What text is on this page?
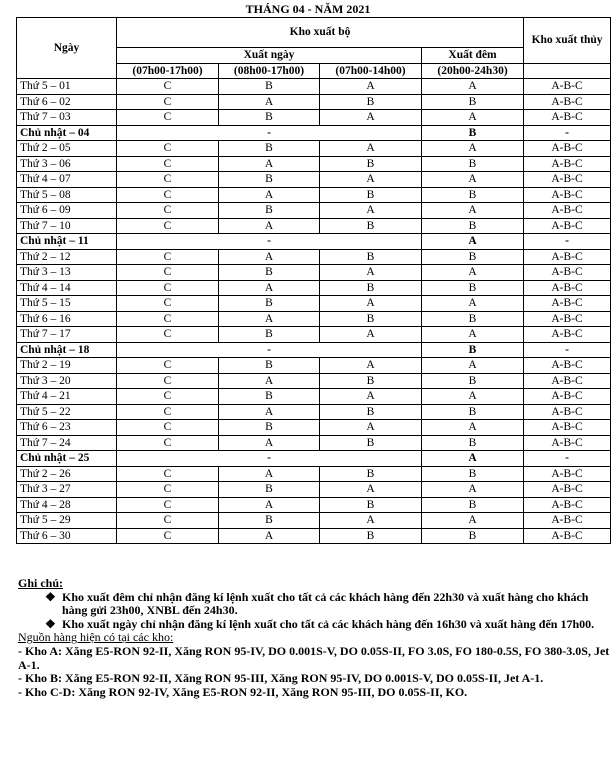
THÁNG 04 - NĂM 2021
Ngày	Kho xuất bộ				Kho xuất thủy
	Xuất ngày			Xuất đêm	
	(07h00-17h00)	(08h00-17h00)	(07h00-14h00)	(20h00-24h30)	
Thứ 5 – 01	C	B	A	A	A-B-C
Thứ 6 – 02	C	A	B	B	A-B-C
Thứ 7 – 03	C	B	A	A	A-B-C
Chủ nhật – 04	-			B	-
Thứ 2 – 05	C	B	A	A	A-B-C
Thứ 3 – 06	C	A	B	B	A-B-C
Thứ 4 – 07	C	B	A	A	A-B-C
Thứ 5 – 08	C	A	B	B	A-B-C
Thứ 6 – 09	C	B	A	A	A-B-C
Thứ 7 – 10	C	A	B	B	A-B-C
Chủ nhật – 11	-			A	-
Thứ 2 – 12	C	A	B	B	A-B-C
Thứ 3 – 13	C	B	A	A	A-B-C
Thứ 4 – 14	C	A	B	B	A-B-C
Thứ 5 – 15	C	B	A	A	A-B-C
Thứ 6 – 16	C	A	B	B	A-B-C
Thứ 7 – 17	C	B	A	A	A-B-C
Chủ nhật – 18	-			B	-
Thứ 2 – 19	C	B	A	A	A-B-C
Thứ 3 – 20	C	A	B	B	A-B-C
Thứ 4 – 21	C	B	A	A	A-B-C
Thứ 5 – 22	C	A	B	B	A-B-C
Thứ 6 – 23	C	B	A	A	A-B-C
Thứ 7 – 24	C	A	B	B	A-B-C
Chủ nhật – 25	-			A	-
Thứ 2 – 26	C	A	B	B	A-B-C
Thứ 3 – 27	C	B	A	A	A-B-C
Thứ 4 – 28	C	A	B	B	A-B-C
Thứ 5 – 29	C	B	A	A	A-B-C
Thứ 6 – 30	C	A	B	B	A-B-C
Ghi chú:
❖ Kho xuất đêm chỉ nhận đăng kí lệnh xuất cho tất cả các khách hàng đến 22h30 và xuất hàng cho khách hàng gửi 23h00, XNBL đến 24h30.
❖ Kho xuất ngày chỉ nhận đăng kí lệnh xuất cho tất cả các khách hàng đến 16h30 và xuất hàng đến 17h00.
Nguồn hàng hiện có tại các kho:
- Kho A: Xăng E5-RON 92-II, Xăng RON 95-IV, DO 0.001S-V, DO 0.05S-II, FO 3.0S, FO 180-0.5S, FO 380-3.0S, Jet A-1.
- Kho B: Xăng E5-RON 92-II, Xăng RON 95-III, Xăng RON 95-IV, DO 0.001S-V, DO 0.05S-II, Jet A-1.
- Kho C-D: Xăng RON 92-IV, Xăng E5-RON 92-II, Xăng RON 95-III, DO 0.05S-II, KO.
